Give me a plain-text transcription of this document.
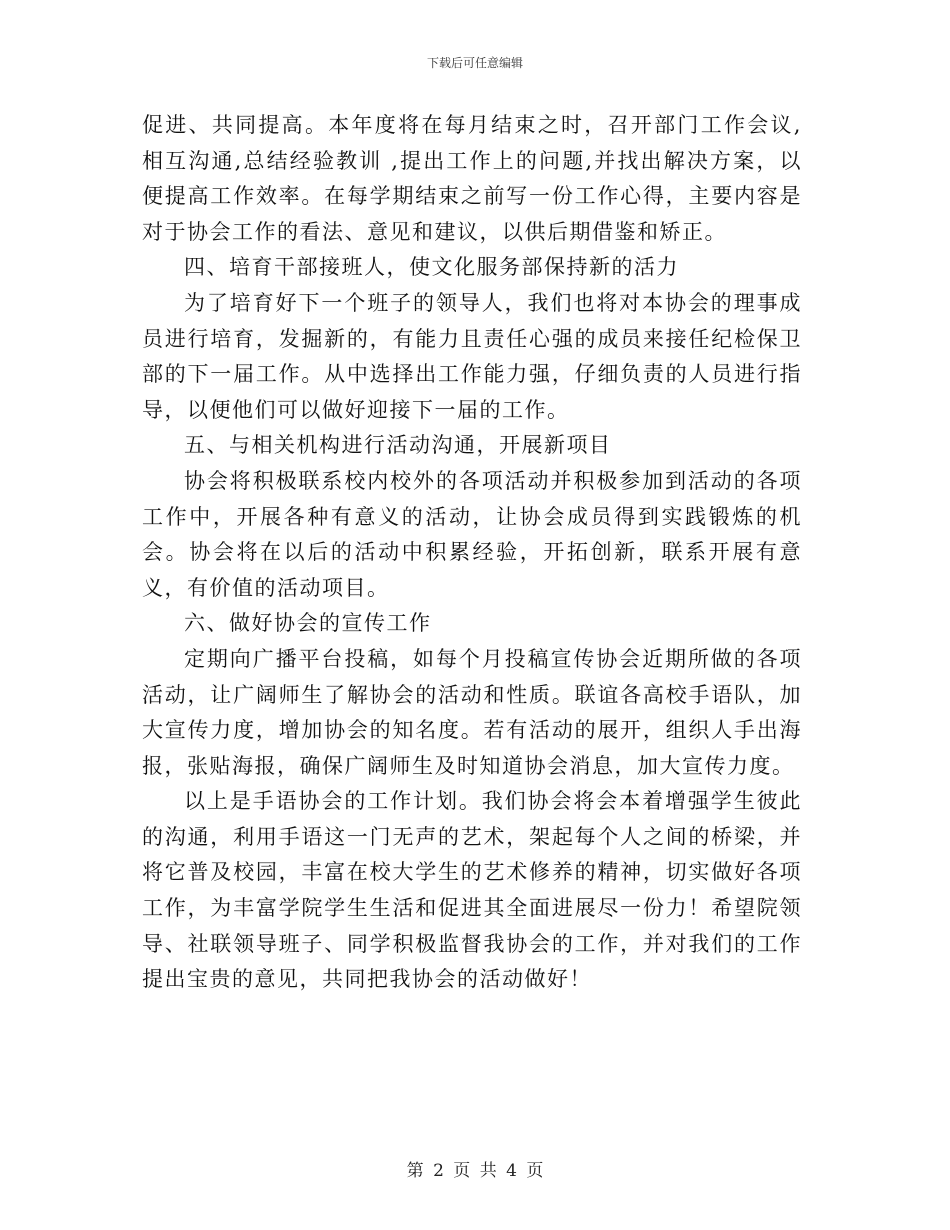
下载后可任意编辑

促进、共同提高。本年度将在每月结束之时，召开部门工作会议,相互沟通,总结经验教训 ,提出工作上的问题,并找出解决方案，以便提高工作效率。在每学期结束之前写一份工作心得，主要内容是对于协会工作的看法、意见和建议，以供后期借鉴和矫正。

四、培育干部接班人，使文化服务部保持新的活力

为了培育好下一个班子的领导人，我们也将对本协会的理事成员进行培育，发掘新的，有能力且责任心强的成员来接任纪检保卫部的下一届工作。从中选择出工作能力强，仔细负责的人员进行指导，以便他们可以做好迎接下一届的工作。

五、与相关机构进行活动沟通，开展新项目

协会将积极联系校内校外的各项活动并积极参加到活动的各项工作中，开展各种有意义的活动，让协会成员得到实践锻炼的机会。协会将在以后的活动中积累经验，开拓创新，联系开展有意义，有价值的活动项目。

六、做好协会的宣传工作

定期向广播平台投稿，如每个月投稿宣传协会近期所做的各项活动，让广阔师生了解协会的活动和性质。联谊各高校手语队，加大宣传力度，增加协会的知名度。若有活动的展开，组织人手出海报，张贴海报，确保广阔师生及时知道协会消息，加大宣传力度。

以上是手语协会的工作计划。我们协会将会本着增强学生彼此的沟通，利用手语这一门无声的艺术，架起每个人之间的桥梁，并将它普及校园，丰富在校大学生的艺术修养的精神，切实做好各项工作，为丰富学院学生生活和促进其全面进展尽一份力！希望院领导、社联领导班子、同学积极监督我协会的工作，并对我们的工作提出宝贵的意见，共同把我协会的活动做好！

第 2 页 共 4 页
